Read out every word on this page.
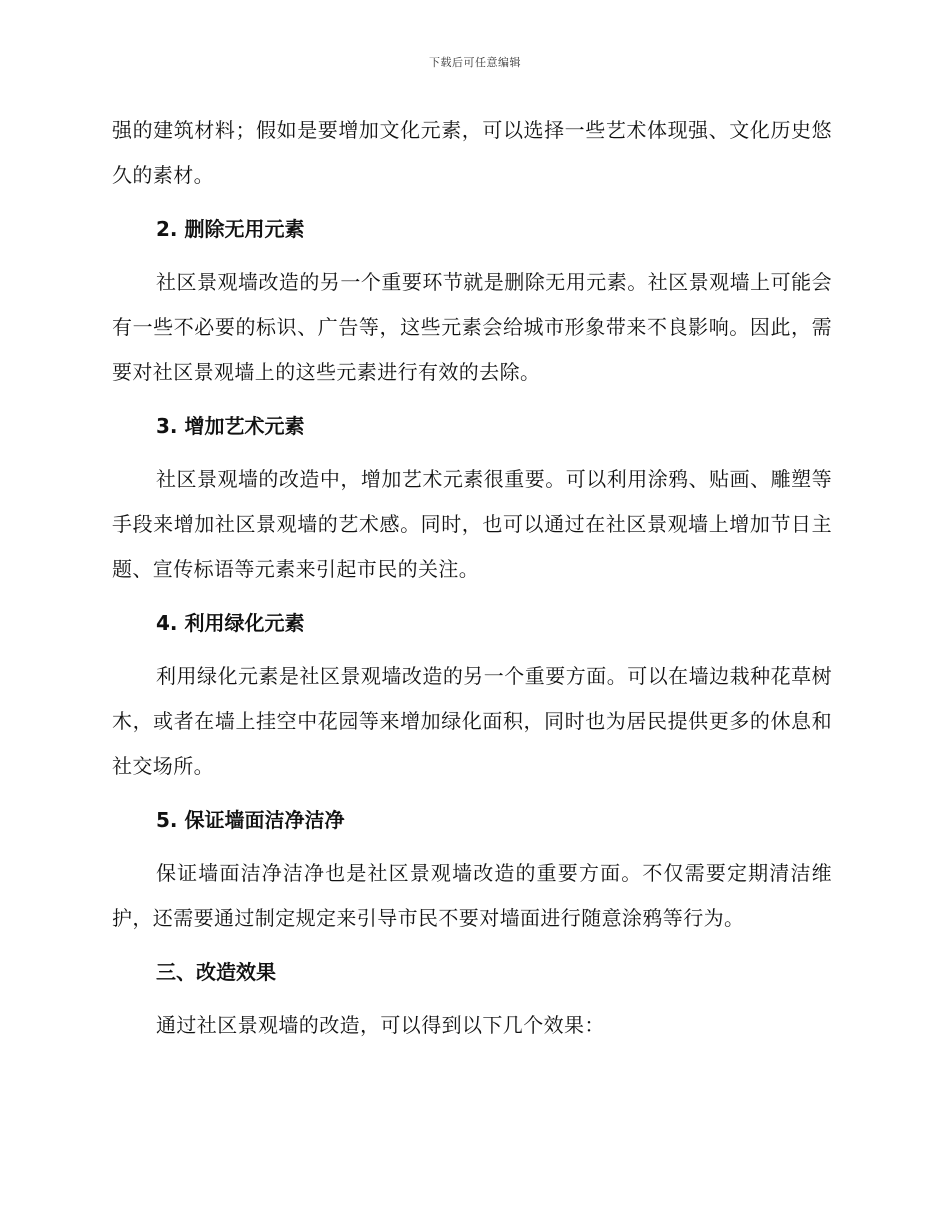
下载后可任意编辑

强的建筑材料；假如是要增加文化元素，可以选择一些艺术体现强、文化历史悠久的素材。

2. 删除无用元素

社区景观墙改造的另一个重要环节就是删除无用元素。社区景观墙上可能会有一些不必要的标识、广告等，这些元素会给城市形象带来不良影响。因此，需要对社区景观墙上的这些元素进行有效的去除。

3. 增加艺术元素

社区景观墙的改造中，增加艺术元素很重要。可以利用涂鸦、贴画、雕塑等手段来增加社区景观墙的艺术感。同时，也可以通过在社区景观墙上增加节日主题、宣传标语等元素来引起市民的关注。

4. 利用绿化元素

利用绿化元素是社区景观墙改造的另一个重要方面。可以在墙边栽种花草树木，或者在墙上挂空中花园等来增加绿化面积，同时也为居民提供更多的休息和社交场所。

5. 保证墙面洁净洁净

保证墙面洁净洁净也是社区景观墙改造的重要方面。不仅需要定期清洁维护，还需要通过制定规定来引导市民不要对墙面进行随意涂鸦等行为。

三、改造效果

通过社区景观墙的改造，可以得到以下几个效果：
